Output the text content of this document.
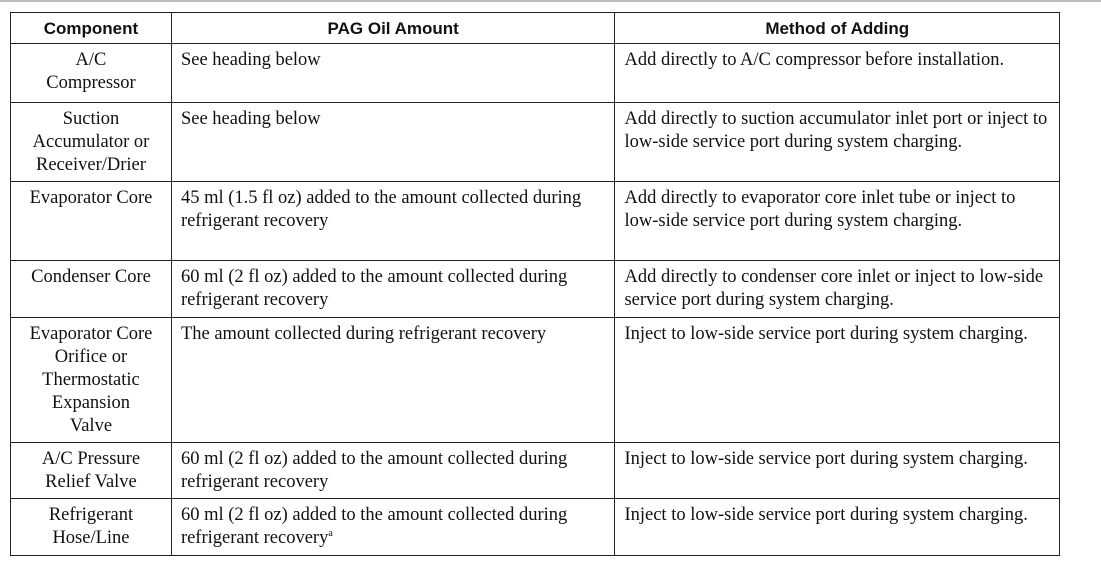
Component	PAG Oil Amount	Method of Adding

A/C
Compressor	See heading below	Add directly to A/C compressor before installation.

Suction
Accumulator or
Receiver/Drier	See heading below	Add directly to suction accumulator inlet port or inject to low-side service port during system charging.

Evaporator Core	45 ml (1.5 fl oz) added to the amount collected during refrigerant recovery	Add directly to evaporator core inlet tube or inject to low-side service port during system charging.

Condenser Core	60 ml (2 fl oz) added to the amount collected during refrigerant recovery	Add directly to condenser core inlet or inject to low-side service port during system charging.

Evaporator Core
Orifice or
Thermostatic
Expansion
Valve	The amount collected during refrigerant recovery	Inject to low-side service port during system charging.

A/C Pressure
Relief Valve	60 ml (2 fl oz) added to the amount collected during refrigerant recovery	Inject to low-side service port during system charging.

Refrigerant
Hose/Line	60 ml (2 fl oz) added to the amount collected during refrigerant recovery$^a$	Inject to low-side service port during system charging.
